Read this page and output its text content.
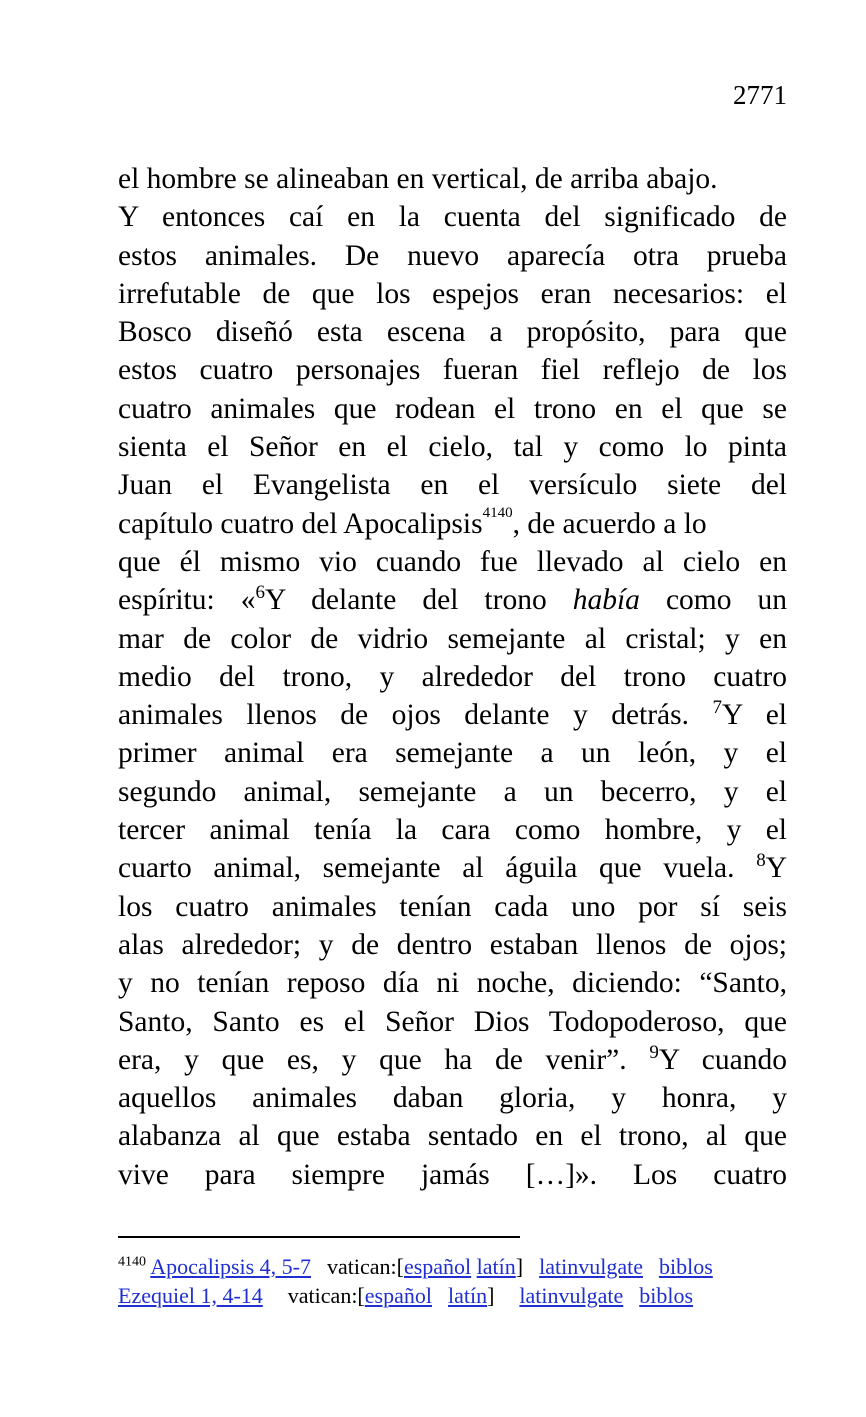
2771
el hombre se alineaban en vertical, de arriba abajo.
Y entonces caí en la cuenta del significado de
estos animales. De nuevo aparecía otra prueba
irrefutable de que los espejos eran necesarios: el
Bosco diseñó esta escena a propósito, para que
estos cuatro personajes fueran fiel reflejo de los
cuatro animales que rodean el trono en el que se
sienta el Señor en el cielo, tal y como lo pinta
Juan el Evangelista en el versículo siete del
capítulo cuatro del Apocalipsis$^{4140}$, de acuerdo a lo
que él mismo vio cuando fue llevado al cielo en
espíritu: «$^6$Y delante del trono había como un
mar de color de vidrio semejante al cristal; y en
medio del trono, y alrededor del trono cuatro
animales llenos de ojos delante y detrás. $^7$Y el
primer animal era semejante a un león, y el
segundo animal, semejante a un becerro, y el
tercer animal tenía la cara como hombre, y el
cuarto animal, semejante al águila que vuela. $^8$Y
los cuatro animales tenían cada uno por sí seis
alas alrededor; y de dentro estaban llenos de ojos;
y no tenían reposo día ni noche, diciendo: “Santo,
Santo, Santo es el Señor Dios Todopoderoso, que
era, y que es, y que ha de venir”. $^9$Y cuando
aquellos animales daban gloria, y honra, y
alabanza al que estaba sentado en el trono, al que
vive para siempre jamás […]». Los cuatro
$^{4140}$ Apocalipsis 4, 5-7 vatican:[español latín] latinvulgate biblos
Ezequiel 1, 4-14 vatican:[español latín] latinvulgate biblos
